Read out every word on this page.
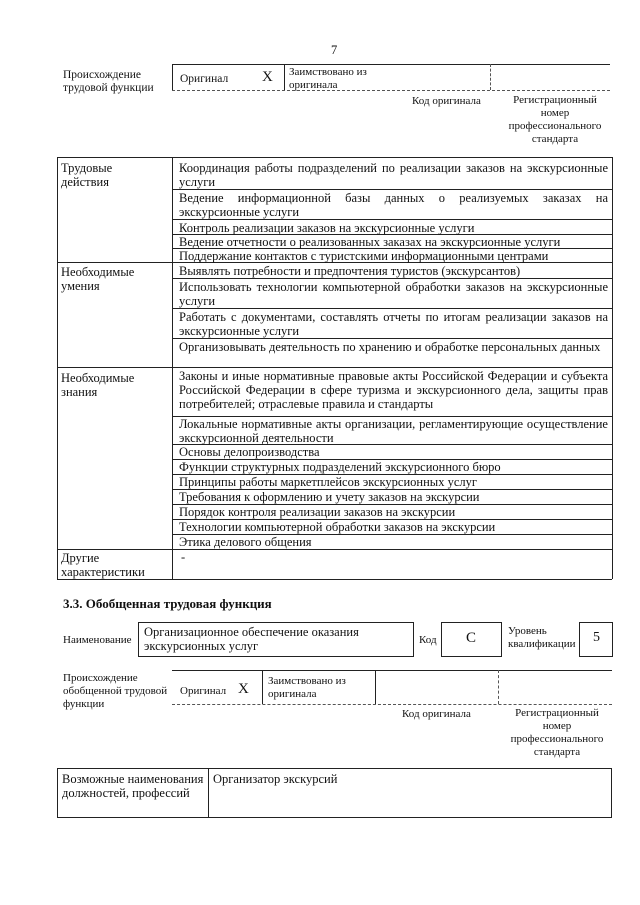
7
Происхождение трудовой функции
Оригинал X Заимствовано из оригинала
Код оригинала	Регистрационный номер профессионального стандарта
Трудовые действия
Координация работы подразделений по реализации заказов на экскурсионные услуги
Ведение информационной базы данных о реализуемых заказах на экскурсионные услуги
Контроль реализации заказов на экскурсионные услуги
Ведение отчетности о реализованных заказах на экскурсионные услуги
Поддержание контактов с туристскими информационными центрами
Необходимые умения
Выявлять потребности и предпочтения туристов (экскурсантов)
Использовать технологии компьютерной обработки заказов на экскурсионные услуги
Работать с документами, составлять отчеты по итогам реализации заказов на экскурсионные услуги
Организовывать деятельность по хранению и обработке персональных данных
Необходимые знания
Законы и иные нормативные правовые акты Российской Федерации и субъекта Российской Федерации в сфере туризма и экскурсионного дела, защиты прав потребителей; отраслевые правила и стандарты
Локальные нормативные акты организации, регламентирующие осуществление экскурсионной деятельности
Основы делопроизводства
Функции структурных подразделений экскурсионного бюро
Принципы работы маркетплейсов экскурсионных услуг
Требования к оформлению и учету заказов на экскурсии
Порядок контроля реализации заказов на экскурсии
Технологии компьютерной обработки заказов на экскурсии
Этика делового общения
Другие характеристики
-
3.3. Обобщенная трудовая функция
Наименование
Организационное обеспечение оказания экскурсионных услуг	Код С	Уровень квалификации 5
Происхождение обобщенной трудовой функции
Оригинал X Заимствовано из оригинала
Код оригинала	Регистрационный номер профессионального стандарта
Возможные наименования должностей, профессий
Организатор экскурсий
